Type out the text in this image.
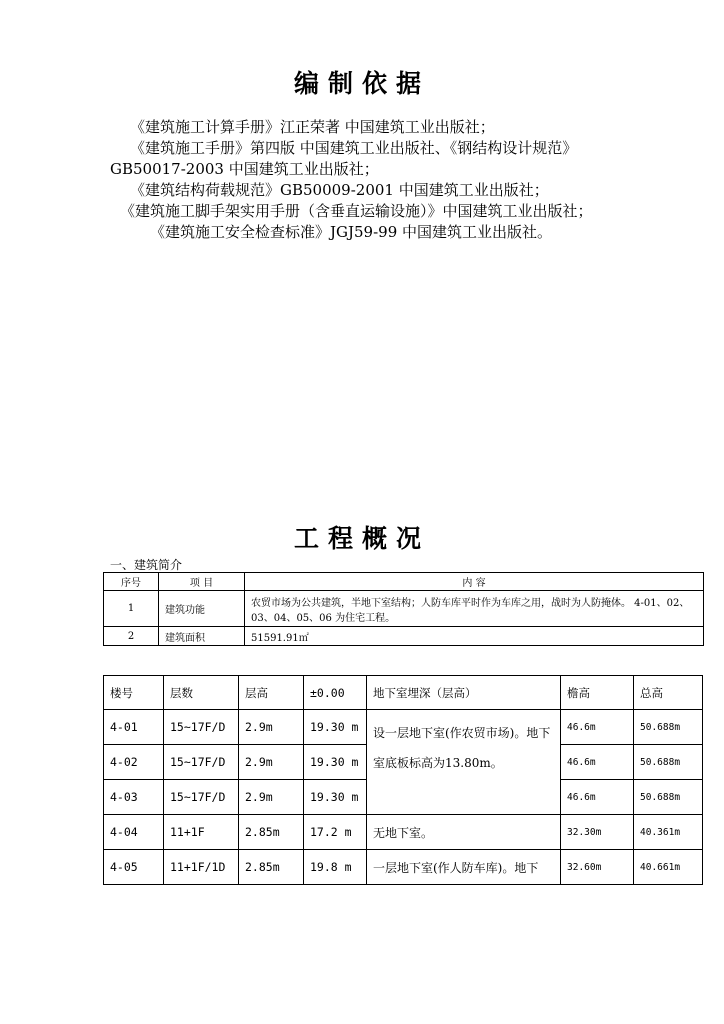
编制依据

《建筑施工计算手册》江正荣著 中国建筑工业出版社；

《建筑施工手册》第四版 中国建筑工业出版社、《钢结构设计规范》GB50017-2003 中国建筑工业出版社；

《建筑结构荷载规范》GB50009-2001 中国建筑工业出版社；

《建筑施工脚手架实用手册（含垂直运输设施）》中国建筑工业出版社；

《建筑施工安全检查标准》JGJ59-99 中国建筑工业出版社。

工程概况
一、建筑简介
序号	项 目	内 容
1	建筑功能	农贸市场为公共建筑，半地下室结构；人防车库平时作为车库之用，战时为人防掩体。 4-01、02、03、04、05、06 为住宅工程。
2	建筑面积	51591.91㎡
楼号	层数	层高	±0.00	地下室埋深（层高）	檐高	总高
4-01	15~17F/D	2.9m	19.30 m	设一层地下室(作农贸市场)。地下室底板标高为13.80m。	46.6m	50.688m
4-02	15~17F/D	2.9m	19.30 m		46.6m	50.688m
4-03	15~17F/D	2.9m	19.30 m		46.6m	50.688m
4-04	11+1F	2.85m	17.2 m	无地下室。	32.30m	40.361m
4-05	11+1F/1D	2.85m	19.8 m	一层地下室(作人防车库)。地下	32.60m	40.661m
